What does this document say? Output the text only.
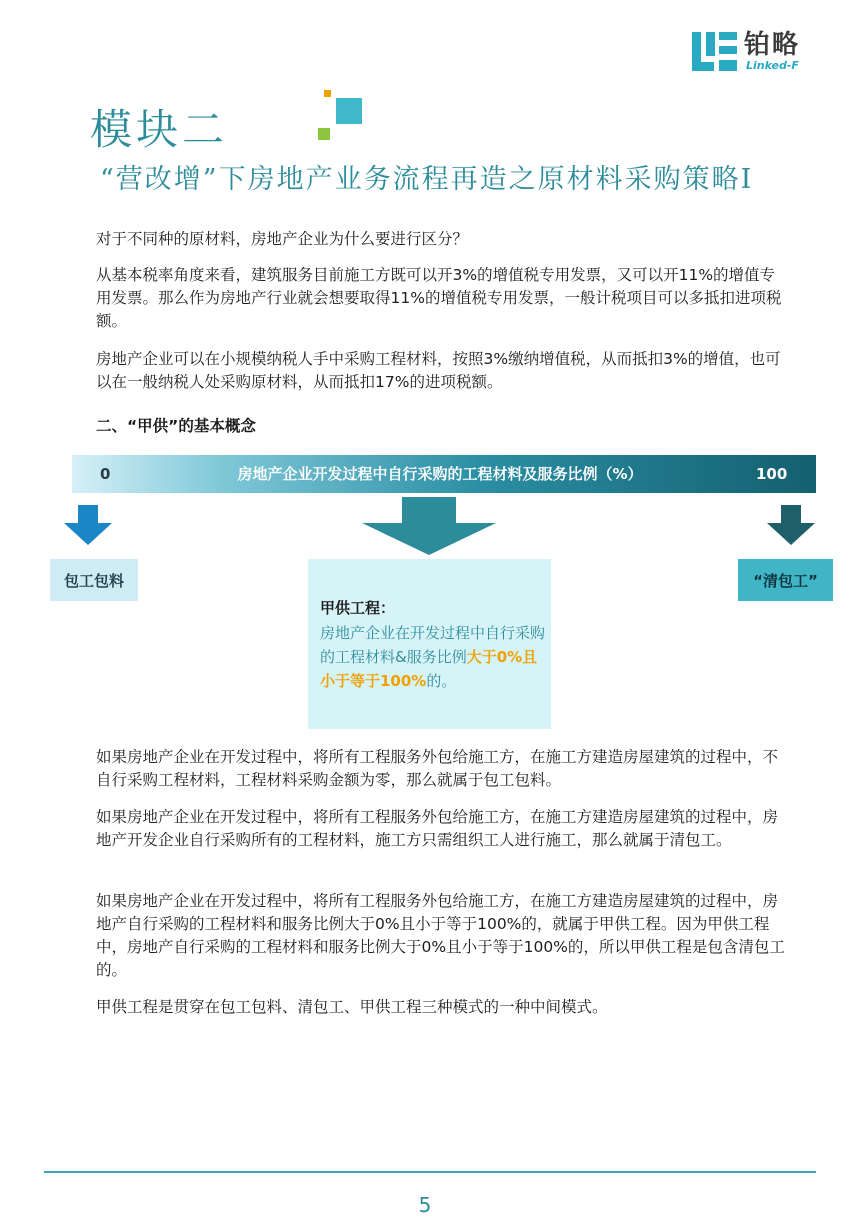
铂略
Linked-F
模块二
“营改增”下房地产业务流程再造之原材料采购策略Ⅰ
对于不同种的原材料，房地产企业为什么要进行区分？
从基本税率角度来看，建筑服务目前施工方既可以开3%的增值税专用发票，又可以开11%的增值专用发票。那么作为房地产行业就会想要取得11%的增值税专用发票，一般计税项目可以多抵扣进项税额。
房地产企业可以在小规模纳税人手中采购工程材料，按照3%缴纳增值税，从而抵扣3%的增值，也可以在一般纳税人处采购原材料，从而抵扣17%的进项税额。
二、“甲供”的基本概念
0	房地产企业开发过程中自行采购的工程材料及服务比例（%）	100
包工包料	“清包工”
甲供工程：
房地产企业在开发过程中自行采购的工程材料&服务比例大于0%且小于等于100%的。
如果房地产企业在开发过程中，将所有工程服务外包给施工方，在施工方建造房屋建筑的过程中，不自行采购工程材料，工程材料采购金额为零，那么就属于包工包料。
如果房地产企业在开发过程中，将所有工程服务外包给施工方，在施工方建造房屋建筑的过程中，房地产开发企业自行采购所有的工程材料，施工方只需组织工人进行施工，那么就属于清包工。
如果房地产企业在开发过程中，将所有工程服务外包给施工方，在施工方建造房屋建筑的过程中，房地产自行采购的工程材料和服务比例大于0%且小于等于100%的，就属于甲供工程。因为甲供工程中，房地产自行采购的工程材料和服务比例大于0%且小于等于100%的，所以甲供工程是包含清包工的。
甲供工程是贯穿在包工包料、清包工、甲供工程三种模式的一种中间模式。
5
